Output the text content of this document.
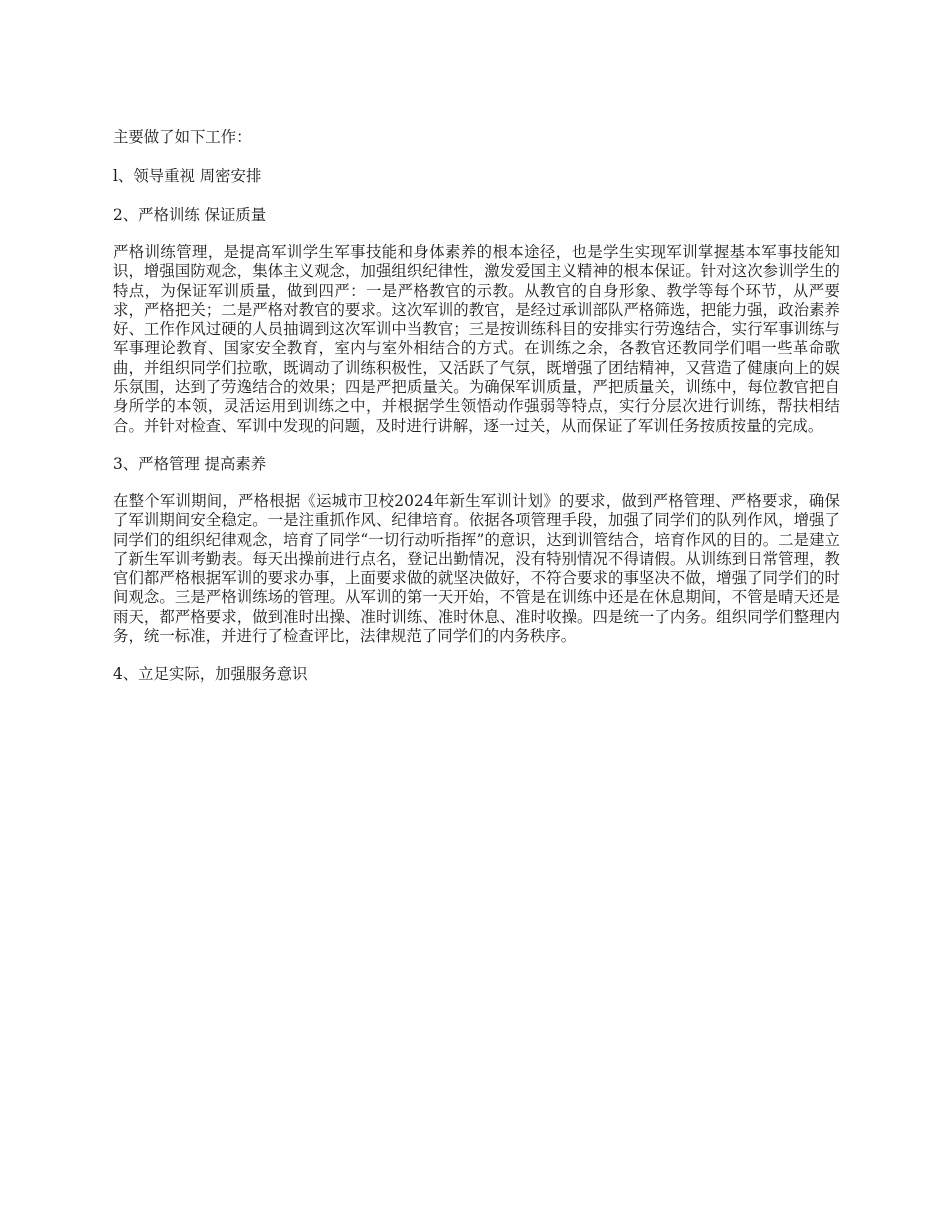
主要做了如下工作：

l、领导重视 周密安排

2、严格训练 保证质量

严格训练管理，是提高军训学生军事技能和身体素养的根本途径，也是学生实现军训掌握基本军事技能知识，增强国防观念，集体主义观念，加强组织纪律性，激发爱国主义精神的根本保证。针对这次参训学生的特点，为保证军训质量，做到四严：一是严格教官的示教。从教官的自身形象、教学等每个环节，从严要求，严格把关；二是严格对教官的要求。这次军训的教官，是经过承训部队严格筛选，把能力强，政治素养好、工作作风过硬的人员抽调到这次军训中当教官；三是按训练科目的安排实行劳逸结合，实行军事训练与军事理论教育、国家安全教育，室内与室外相结合的方式。在训练之余，各教官还教同学们唱一些革命歌曲，并组织同学们拉歌，既调动了训练积极性，又活跃了气氛，既增强了团结精神，又营造了健康向上的娱乐氛围，达到了劳逸结合的效果；四是严把质量关。为确保军训质量，严把质量关，训练中，每位教官把自身所学的本领，灵活运用到训练之中，并根据学生领悟动作强弱等特点，实行分层次进行训练，帮扶相结合。并针对检查、军训中发现的问题，及时进行讲解，逐一过关，从而保证了军训任务按质按量的完成。

3、严格管理 提高素养

在整个军训期间，严格根据《运城市卫校2024年新生军训计划》的要求，做到严格管理、严格要求，确保了军训期间安全稳定。一是注重抓作风、纪律培育。依据各项管理手段，加强了同学们的队列作风，增强了同学们的组织纪律观念，培育了同学“一切行动听指挥”的意识，达到训管结合，培育作风的目的。二是建立了新生军训考勤表。每天出操前进行点名，登记出勤情况，没有特别情况不得请假。从训练到日常管理，教官们都严格根据军训的要求办事，上面要求做的就坚决做好，不符合要求的事坚决不做，增强了同学们的时间观念。三是严格训练场的管理。从军训的第一天开始，不管是在训练中还是在休息期间，不管是晴天还是雨天，都严格要求，做到准时出操、准时训练、准时休息、准时收操。四是统一了内务。组织同学们整理内务，统一标准，并进行了检查评比，法律规范了同学们的内务秩序。

4、立足实际，加强服务意识
